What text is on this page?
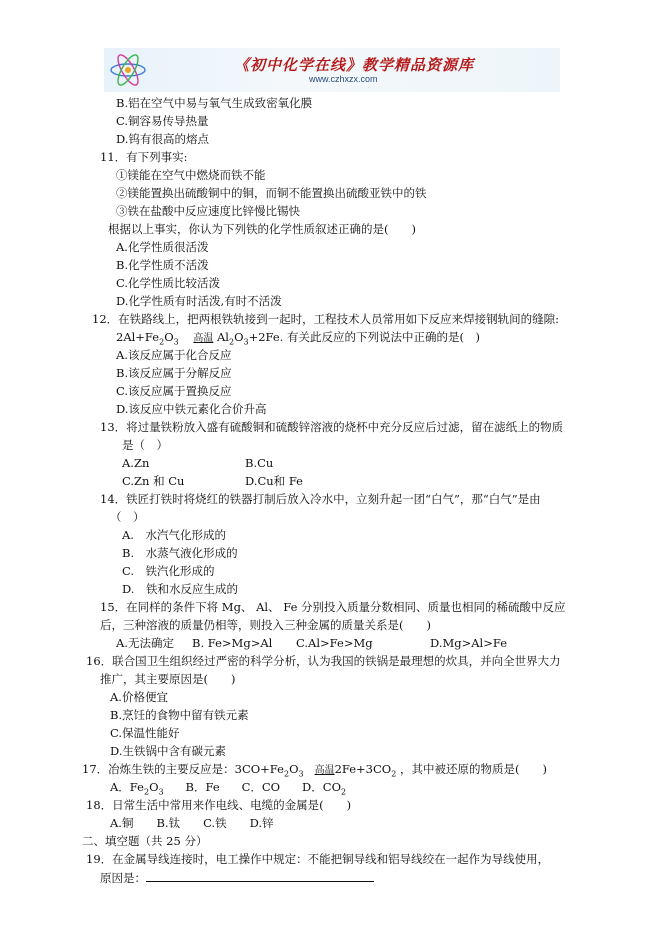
《初中化学在线》教学精品资源库
www.czhxzx.com
B.铝在空气中易与氧气生成致密氧化膜
C.铜容易传导热量
D.钨有很高的熔点
11．有下列事实:
①镁能在空气中燃烧而铁不能
②镁能置换出硫酸铜中的铜，而铜不能置换出硫酸亚铁中的铁
③铁在盐酸中反应速度比锌慢比锡快
根据以上事实，你认为下列铁的化学性质叙述正确的是(　　)
A.化学性质很活泼
B.化学性质不活泼
C.化学性质比较活泼
D.化学性质有时活泼,有时不活泼
12．在铁路线上，把两根铁轨接到一起时，工程技术人员常用如下反应来焊接钢轨间的缝隙:
A.该反应属于化合反应
B.该反应属于分解反应
C.该反应属于置换反应
D.该反应中铁元素化合价升高
13．将过量铁粉放入盛有硫酸铜和硫酸锌溶液的烧杯中充分反应后过滤，留在滤纸上的物质
是（　）
A.Zn	B.Cu
C.Zn 和 Cu	D.Cu和 Fe
14．铁匠打铁时将烧红的铁器打制后放入冷水中，立刻升起一团“白气”，那“白气”是由
（　）
A.　水汽气化形成的
B.　水蒸气液化形成的
C.　铁汽化形成的
D.　铁和水反应生成的
15．在同样的条件下将 Mg、 Al、 Fe 分别投入质量分数相同、质量也相同的稀硫酸中反应
后，三种溶液的质量仍相等，则投入三种金属的质量关系是(　　)
A.无法确定 B. Fe>Mg>Al C.Al>Fe>Mg	D.Mg>Al>Fe
16．联合国卫生组织经过严密的科学分析，认为我国的铁锅是最理想的炊具，并向全世界大力
推广，其主要原因是(　　)
A.价格便宜
B.烹饪的食物中留有铁元素
C.保温性能好
D.生铁锅中含有碳元素
18．日常生活中常用来作电线、电缆的金属是(　　)
A.铜　　B.钛　　C.铁　　D.锌
二、填空题（共 25 分）
19．在金属导线连接时，电工操作中规定：不能把铜导线和铝导线绞在一起作为导线使用，
$2Al+Fe_2O_3$ 高温 $Al_2O_3+2Fe$. 有关此反应的下列说法中正确的是(　)
17．冶炼生铁的主要反应是：$3CO+Fe_2O_3$ 高温$2Fe+3CO_2$ ，其中被还原的物质是(　　)
A．$Fe_2O_3$ B．Fe C．CO D．$CO_2$
原因是：
